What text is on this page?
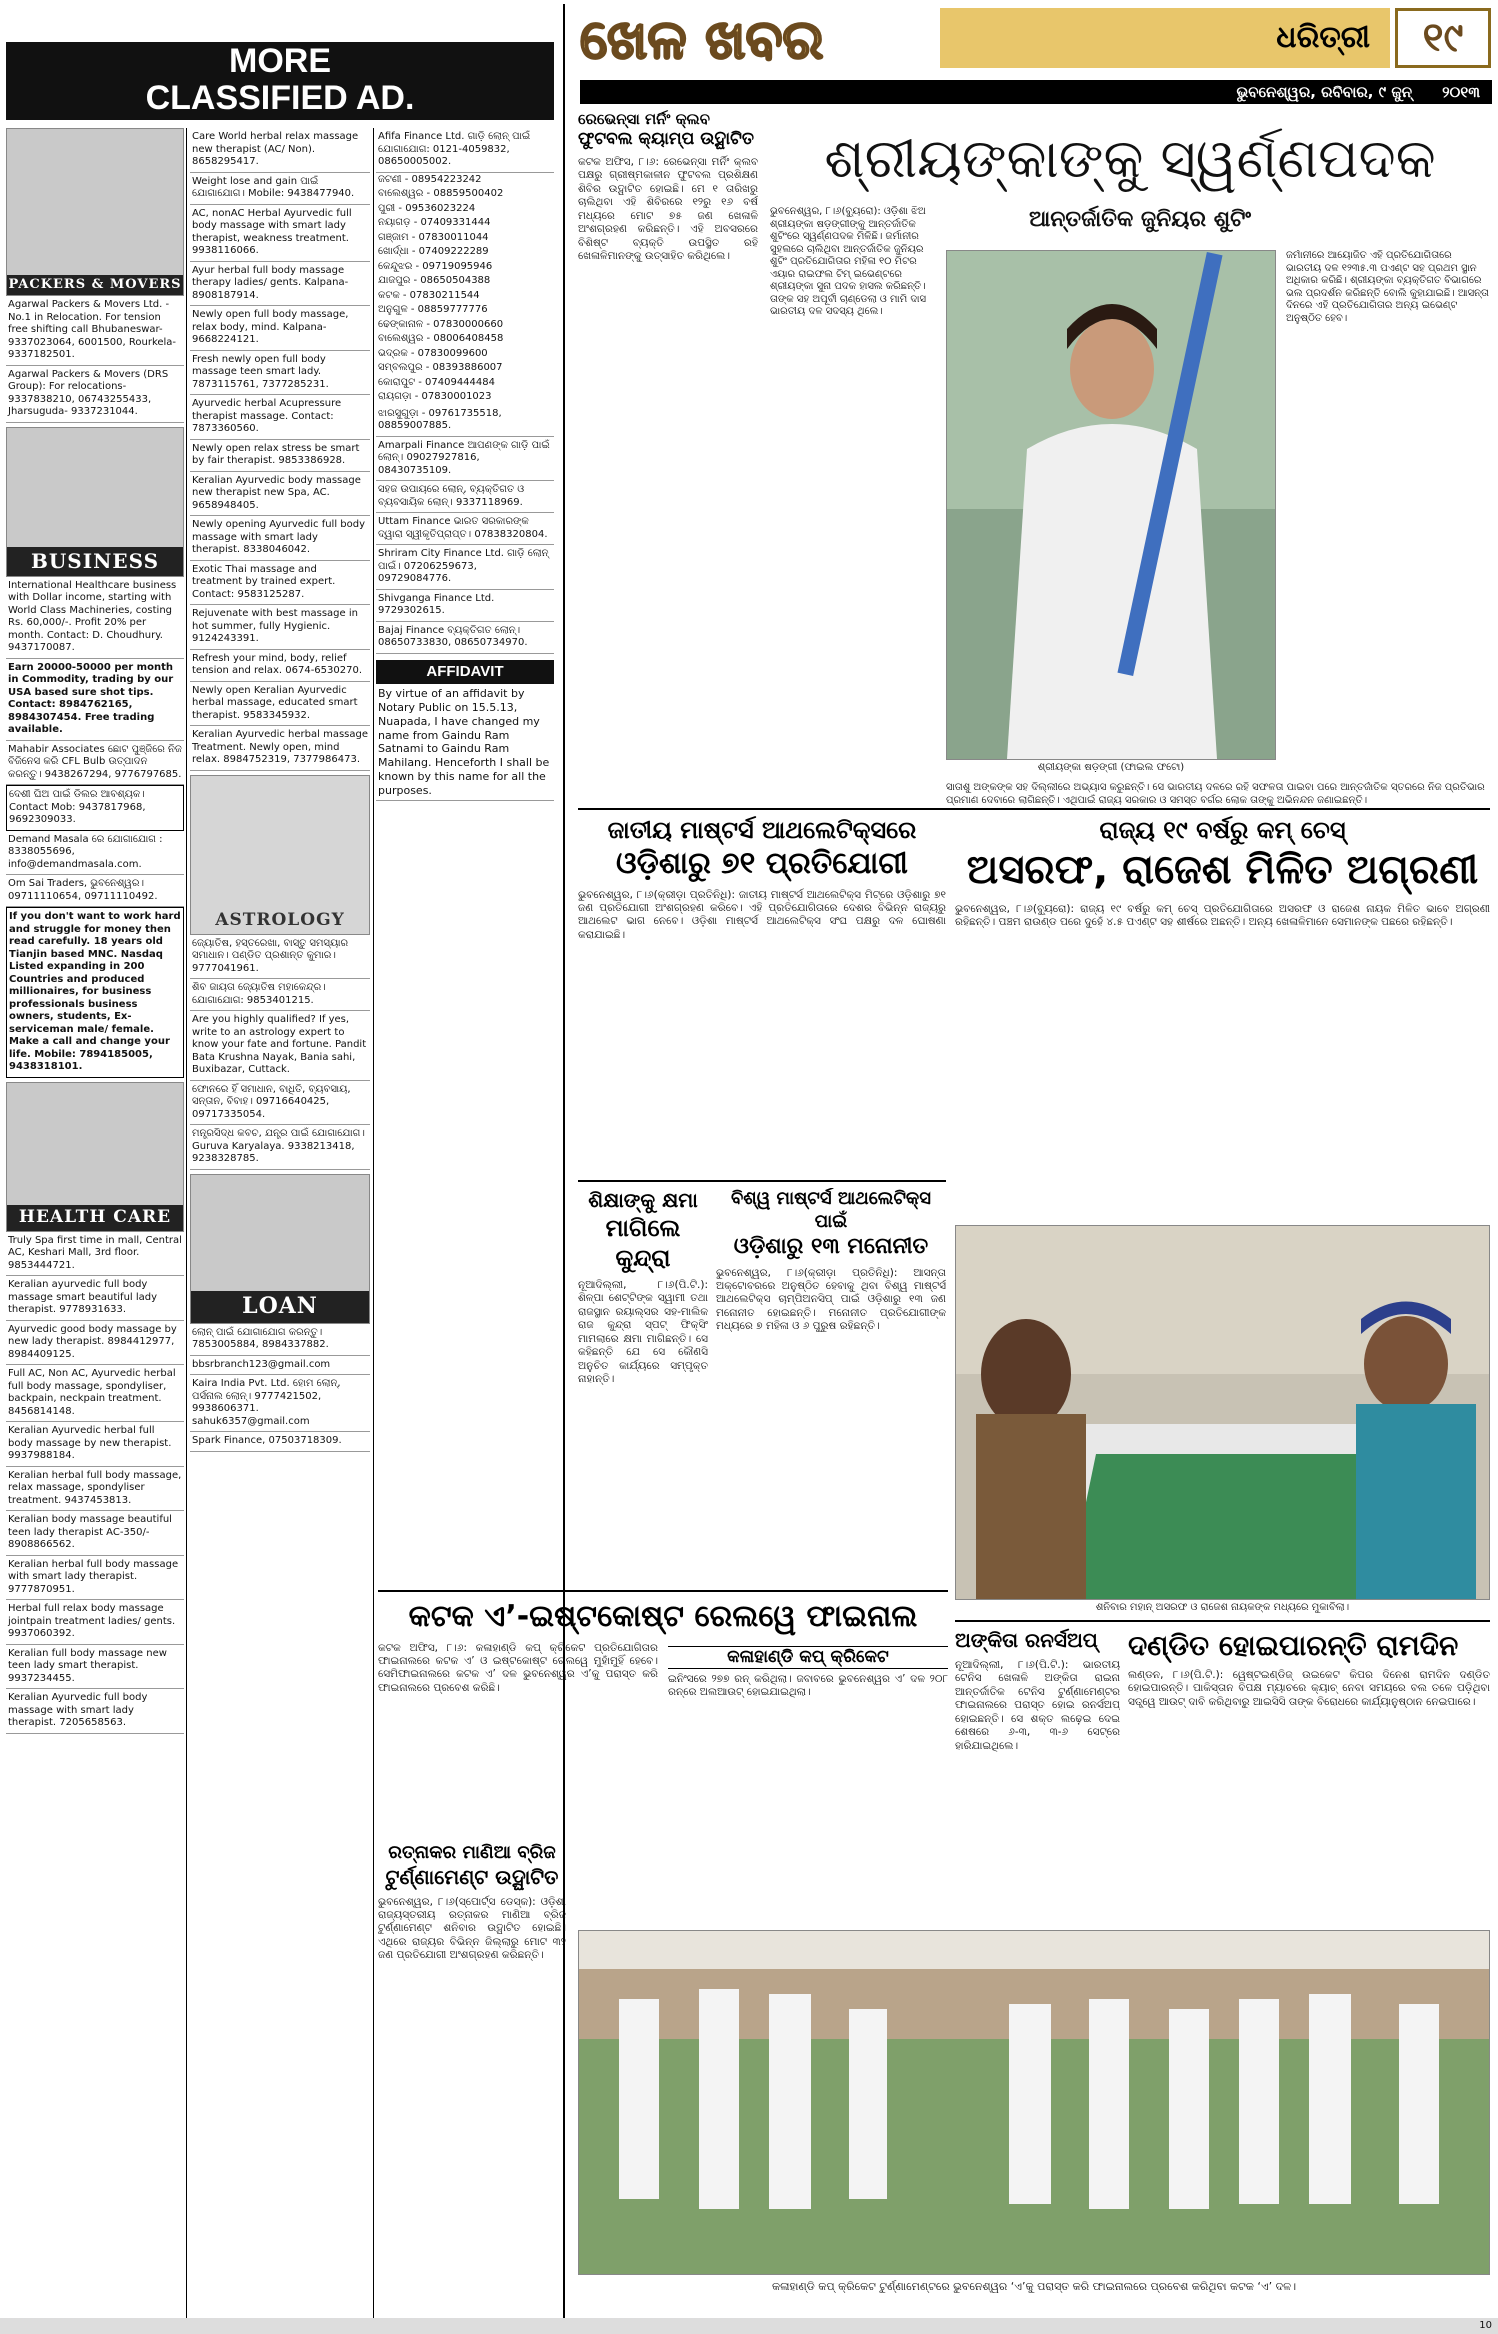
ଖେଳ ଖବର	ଧରିତ୍ରୀ ୧୯
ଭୁବନେଶ୍ୱର, ରବିବାର, ୯ ଜୁନ୍ ୨୦୧୩
MORE
CLASSIFIED AD.
PACKERS & MOVERS
Agarwal Packers & Movers Ltd. - No.1 in Relocation. For tension free shifting call Bhubaneswar- 9337023064, 6001500, Rourkela- 9337182501.
Agarwal Packers & Movers (DRS Group): For relocations- 9337838210, 06743255433, Jharsuguda- 9337231044.
BUSINESS
International Healthcare business with Dollar income, starting with World Class Machineries, costing Rs. 60,000/-. Profit 20% per month. Contact: D. Choudhury. 9437170087.
Earn 20000-50000 per month in Commodity, trading by our USA based sure shot tips. Contact: 8984762165, 8984307454. Free trading available.
Mahabir Associates ଛୋଟ ପୁଞ୍ଜିରେ ନିଜ ବିଜିନେସ କରି CFL Bulb ଉତ୍ପାଦନ କରନ୍ତୁ। 9438267294, 9776797685.
ଦେଶୀ ଘିଅ ପାଇଁ ଡିଲର ଆବଶ୍ୟକ। Contact Mob: 9437817968, 9692309033.
Demand Masala ରେ ଯୋଗାଯୋଗ : 8338055696, info@demandmasala.com.
Om Sai Traders, ଭୁବନେଶ୍ୱର। 09711110654, 09711110492.
If you don't want to work hard and struggle for money then read carefully. 18 years old Tianjin based MNC. Nasdaq Listed expanding in 200 Countries and produced millionaires, for business professionals business owners, students, Ex-serviceman male/ female. Make a call and change your life. Mobile: 7894185005, 9438318101.
HEALTH CARE
Truly Spa first time in mall, Central AC, Keshari Mall, 3rd floor. 9853444721.
Keralian ayurvedic full body massage smart beautiful lady therapist. 9778931633.
Ayurvedic good body massage by new lady therapist. 8984412977, 8984409125.
Full AC, Non AC, Ayurvedic herbal full body massage, spondyliser, backpain, neckpain treatment. 8456814148.
Keralian Ayurvedic herbal full body massage by new therapist. 9937988184.
Keralian herbal full body massage, relax massage, spondyliser treatment. 9437453813.
Keralian body massage beautiful teen lady therapist AC-350/- 8908866562.
Keralian herbal full body massage with smart lady therapist. 9777870951.
Herbal full relax body massage jointpain treatment ladies/ gents. 9937060392.
Keralian full body massage new teen lady smart therapist. 9937234455.
Keralian Ayurvedic full body massage with smart lady therapist. 7205658563.
Care World herbal relax massage new therapist (AC/ Non). 8658295417.
Weight lose and gain ପାଇଁ ଯୋଗାଯୋଗ। Mobile: 9438477940.
AC, nonAC Herbal Ayurvedic full body massage with smart lady therapist, weakness treatment. 9938116066.
Ayur herbal full body massage therapy ladies/ gents. Kalpana- 8908187914.
Newly open full body massage, relax body, mind. Kalpana- 9668224121.
Fresh newly open full body massage teen smart lady. 7873115761, 7377285231.
Ayurvedic herbal Acupressure therapist massage. Contact: 7873360560.
Newly open relax stress be smart by fair therapist. 9853386928.
Keralian Ayurvedic body massage new therapist new Spa, AC. 9658948405.
Newly opening Ayurvedic full body massage with smart lady therapist. 8338046042.
Exotic Thai massage and treatment by trained expert. Contact: 9583125287.
Rejuvenate with best massage in hot summer, fully Hygienic. 9124243391.
Refresh your mind, body, relief tension and relax. 0674-6530270.
Newly open Keralian Ayurvedic herbal massage, educated smart therapist. 9583345932.
Keralian Ayurvedic herbal massage Treatment. Newly open, mind relax. 8984752319, 7377986473.
ASTROLOGY
ଜ୍ୟୋତିଷ, ହସ୍ତରେଖା, ବାସ୍ତୁ ସମସ୍ୟାର ସମାଧାନ। ପଣ୍ଡିତ ପ୍ରଶାନ୍ତ କୁମାର। 9777041961.
ଶିବ ଜାୟତା ଜ୍ୟୋତିଷ ମହାକେନ୍ଦ୍ର। ଯୋଗାଯୋଗ: 9853401215.
Are you highly qualified? If yes, write to an astrology expert to know your fate and fortune. Pandit Bata Krushna Nayak, Bania sahi, Buxibazar, Cuttack.
ଫୋନରେ ହିଁ ସମାଧାନ, ବାଧିତି, ବ୍ୟବସାୟ, ସନ୍ତାନ, ବିବାହ। 09716640425, 09717335054.
ମନ୍ତ୍ରସିଦ୍ଧ କବଚ, ଯନ୍ତ୍ର ପାଇଁ ଯୋଗାଯୋଗ। Guruva Karyalaya. 9338213418, 9238328785.
LOAN
ଲୋନ୍ ପାଇଁ ଯୋଗାଯୋଗ କରନ୍ତୁ। 7853005884, 8984337882.
bbsrbranch123@gmail.com
Kaira India Pvt. Ltd. ହୋମ ଲୋନ୍, ପର୍ସନାଲ ଲୋନ୍। 9777421502, 9938606371. sahuk6357@gmail.com
Spark Finance, 07503718309.
Afifa Finance Ltd. ଗାଡ଼ି ଲୋନ୍ ପାଇଁ ଯୋଗାଯୋଗ: 0121-4059832, 08650005002.
ଜଟଣୀ - 08954223242
ବାଲେଶ୍ୱର - 08859500402
ପୁରୀ - 09536023224
ନୟାଗଡ଼ - 07409331444
ଗଞ୍ଜାମ - 07830011044
ଖୋର୍ଦ୍ଧା - 07409222289
କେନ୍ଦୁଝର - 09719095946
ଯାଜପୁର - 08650504388
କଟକ - 07830211544
ଅନୁଗୁଳ - 08859777776
ଢେଙ୍କାନାଳ - 07830000660
ବାଲେଶ୍ୱର - 08006408458
ଭଦ୍ରକ - 07830099600
ସମ୍ବଲପୁର - 08393886007
କୋରାପୁଟ - 07409444484
ରାୟଗଡ଼ା - 07830001023
ଝାରସୁଗୁଡ଼ା - 09761735518, 08859007885.
Amarpali Finance ଆପଣଙ୍କ ଗାଡ଼ି ପାଇଁ ଲୋନ୍। 09027927816, 08430735109.
ସହଜ ଉପାୟରେ ଲୋନ୍, ବ୍ୟକ୍ତିଗତ ଓ ବ୍ୟବସାୟିକ ଲୋନ୍। 9337118969.
Uttam Finance ଭାରତ ସରକାରଙ୍କ ଦ୍ୱାରା ସ୍ୱୀକୃତିପ୍ରାପ୍ତ। 07838320804.
Shriram City Finance Ltd. ଗାଡ଼ି ଲୋନ୍ ପାଇଁ। 07206259673, 09729084776.
Shivganga Finance Ltd. 9729302615.
Bajaj Finance ବ୍ୟକ୍ତିଗତ ଲୋନ୍। 08650733830, 08650734970.
AFFIDAVIT
By virtue of an affidavit by Notary Public on 15.5.13, Nuapada, I have changed my name from Gaindu Ram Satnami to Gaindu Ram Mahilang. Henceforth I shall be known by this name for all the purposes.
ରେଭେନ୍ସା ମର୍ନିଂ କ୍ଲବ
ଫୁଟବଲ କ୍ୟାମ୍ପ ଉଦ୍ଘାଟିତ
କଟକ ଅଫିସ, ୮।୬: ରେଭେନ୍ସା ମର୍ନିଂ କ୍ଲବ ପକ୍ଷରୁ ଗ୍ରୀଷ୍ମକାଳୀନ ଫୁଟବଲ ପ୍ରଶିକ୍ଷଣ ଶିବିର ଉଦ୍ଘାଟିତ ହୋଇଛି। ମେ ୧ ତାରିଖରୁ ଚାଲିଥିବା ଏହି ଶିବିରରେ ୧୨ରୁ ୧୬ ବର୍ଷ ମଧ୍ୟରେ ମୋଟ ୭୫ ଜଣ ଖେଳାଳି ଅଂଶଗ୍ରହଣ କରିଛନ୍ତି। ଏହି ଅବସରରେ ବିଶିଷ୍ଟ ବ୍ୟକ୍ତି ଉପସ୍ଥିତ ରହି ଖେଳାଳିମାନଙ୍କୁ ଉତ୍ସାହିତ କରିଥିଲେ।
ଶ୍ରୀୟଙ୍କାଙ୍କୁ ସ୍ୱର୍ଣ୍ଣପଦକ
ଆନ୍ତର୍ଜାତିକ ଜୁନିୟର ଶୁଟିଂ
ଭୁବନେଶ୍ୱର, ୮।୬(ବ୍ୟୁରୋ): ଓଡ଼ିଶା ଝିଅ ଶ୍ରୀୟଙ୍କା ଷଡ଼ଙ୍ଗୀଙ୍କୁ ଆନ୍ତର୍ଜାତିକ ଶୁଟିଂରେ ସ୍ୱର୍ଣ୍ଣପଦକ ମିଳିଛି। ଜର୍ମାନୀର ସୁହଲରେ ଚାଲିଥିବା ଆନ୍ତର୍ଜାତିକ ଜୁନିୟର ଶୁଟିଂ ପ୍ରତିଯୋଗିତାର ମହିଳା ୧୦ ମିଟର ଏୟାର ରାଇଫଲ ଟିମ୍ ଇଭେଣ୍ଟରେ ଶ୍ରୀୟଙ୍କା ସୁନା ପଦକ ହାସଲ କରିଛନ୍ତି। ତାଙ୍କ ସହ ଅପୂର୍ବୀ ଚାଣ୍ଡେଲା ଓ ମାମି ଦାସ ଭାରତୀୟ ଦଳ ସଦସ୍ୟ ଥିଲେ।
ଶ୍ରୀୟଙ୍କା ଷଡ଼ଙ୍ଗୀ (ଫାଇଲ ଫଟୋ)
ଜର୍ମାନୀରେ ଆୟୋଜିତ ଏହି ପ୍ରତିଯୋଗିତାରେ ଭାରତୀୟ ଦଳ ୧୨୩୫.୩ ପଏଣ୍ଟ ସହ ପ୍ରଥମ ସ୍ଥାନ ଅଧିକାର କରିଛି। ଶ୍ରୀୟଙ୍କା ବ୍ୟକ୍ତିଗତ ବିଭାଗରେ ଭଲ ପ୍ରଦର୍ଶନ କରିଛନ୍ତି ବୋଲି କୁହାଯାଇଛି। ଆସନ୍ତା ଦିନରେ ଏହି ପ୍ରତିଯୋଗିତାର ଅନ୍ୟ ଇଭେଣ୍ଟ ଅନୁଷ୍ଠିତ ହେବ।
ସାତାଶୁ ଅଙ୍କଙ୍କ ସହ ଦିଲ୍ଲୀରେ ଅଭ୍ୟାସ କରୁଛନ୍ତି। ସେ ଭାରତୀୟ ଦଳରେ ରହି ସଫଳତା ପାଇବା ପରେ ଆନ୍ତର୍ଜାତିକ ସ୍ତରରେ ନିଜ ପ୍ରତିଭାର ପ୍ରମାଣ ଦେବାରେ ଲାଗିଛନ୍ତି। ଏଥିପାଇଁ ରାଜ୍ୟ ସରକାର ଓ ସମସ୍ତ ବର୍ଗର ଲୋକ ତାଙ୍କୁ ଅଭିନନ୍ଦନ ଜଣାଇଛନ୍ତି।
ଜାତୀୟ ମାଷ୍ଟର୍ସ ଆଥଲେଟିକ୍ସରେ
ଓଡ଼ିଶାରୁ ୭୧ ପ୍ରତିଯୋଗୀ
ଭୁବନେଶ୍ୱର, ୮।୬(କ୍ରୀଡ଼ା ପ୍ରତିନିଧି): ଜାତୀୟ ମାଷ୍ଟର୍ସ ଆଥଲେଟିକ୍ସ ମିଟ୍ରେ ଓଡ଼ିଶାରୁ ୭୧ ଜଣ ପ୍ରତିଯୋଗୀ ଅଂଶଗ୍ରହଣ କରିବେ। ଏହି ପ୍ରତିଯୋଗିତାରେ ଦେଶର ବିଭିନ୍ନ ରାଜ୍ୟରୁ ଆଥଲେଟ ଭାଗ ନେବେ। ଓଡ଼ିଶା ମାଷ୍ଟର୍ସ ଆଥଲେଟିକ୍ସ ସଂଘ ପକ୍ଷରୁ ଦଳ ଘୋଷଣା କରାଯାଇଛି।
ରାଜ୍ୟ ୧୯ ବର୍ଷରୁ କମ୍ ଚେସ୍
ଅସରଫ, ରାଜେଶ ମିଳିତ ଅଗ୍ରଣୀ
ଭୁବନେଶ୍ୱର, ୮।୬(ବ୍ୟୁରୋ): ରାଜ୍ୟ ୧୯ ବର୍ଷରୁ କମ୍ ଚେସ୍ ପ୍ରତିଯୋଗିତାରେ ଅସରଫ ଓ ରାଜେଶ ନାୟକ ମିଳିତ ଭାବେ ଅଗ୍ରଣୀ ରହିଛନ୍ତି। ପଞ୍ଚମ ରାଉଣ୍ଡ ପରେ ଦୁହେଁ ୪.୫ ପଏଣ୍ଟ ସହ ଶୀର୍ଷରେ ଅଛନ୍ତି। ଅନ୍ୟ ଖେଳାଳିମାନେ ସେମାନଙ୍କ ପଛରେ ରହିଛନ୍ତି।
ଶିକ୍ଷାଙ୍କୁ କ୍ଷମା
ମାଗିଲେ କୁନ୍ଦ୍ରା
ନୂଆଦିଲ୍ଲୀ, ୮।୬(ପି.ଟି.): ଶିଳ୍ପା ଶେଟ୍ଟିଙ୍କ ସ୍ୱାମୀ ତଥା ରାଜସ୍ଥାନ ରୟାଲ୍ସର ସହ-ମାଲିକ ରାଜ କୁନ୍ଦ୍ରା ସ୍ପଟ୍ ଫିକ୍ସିଂ ମାମଲାରେ କ୍ଷମା ମାଗିଛନ୍ତି। ସେ କହିଛନ୍ତି ଯେ ସେ କୌଣସି ଅନୁଚିତ କାର୍ଯ୍ୟରେ ସମ୍ପୃକ୍ତ ନାହାନ୍ତି।
ବିଶ୍ୱ ମାଷ୍ଟର୍ସ ଆଥଲେଟିକ୍ସ ପାଇଁ
ଓଡ଼ିଶାରୁ ୧୩ ମନୋନୀତ
ଭୁବନେଶ୍ୱର, ୮।୬(କ୍ରୀଡ଼ା ପ୍ରତିନିଧି): ଆସନ୍ତା ଅକ୍ଟୋବରରେ ଅନୁଷ୍ଠିତ ହେବାକୁ ଥିବା ବିଶ୍ୱ ମାଷ୍ଟର୍ସ ଆଥଲେଟିକ୍ସ ଚାମ୍ପିଅନସିପ୍ ପାଇଁ ଓଡ଼ିଶାରୁ ୧୩ ଜଣ ମନୋନୀତ ହୋଇଛନ୍ତି। ମନୋନୀତ ପ୍ରତିଯୋଗୀଙ୍କ ମଧ୍ୟରେ ୭ ମହିଳା ଓ ୬ ପୁରୁଷ ରହିଛନ୍ତି।
ଶନିବାର ମହାନ୍ ଅସରଫ ଓ ରାଜେଶ ନାୟକଙ୍କ ମଧ୍ୟରେ ମୁକାବିଲା।
କଟକ ଏ’-ଇଷ୍ଟକୋଷ୍ଟ ରେଲୱେ ଫାଇନାଲ
କଟକ ଅଫିସ, ୮।୬: କଳାହାଣ୍ଡି କପ୍ କ୍ରିକେଟ ପ୍ରତିଯୋଗିତାର ଫାଇନାଲରେ କଟକ ଏ’ ଓ ଇଷ୍ଟକୋଷ୍ଟ ରେଲୱେ ମୁହାଁମୁହିଁ ହେବେ। ସେମିଫାଇନାଲରେ କଟକ ଏ’ ଦଳ ଭୁବନେଶ୍ୱର ଏ’କୁ ପରାସ୍ତ କରି ଫାଇନାଲରେ ପ୍ରବେଶ କରିଛି।
କଳାହାଣ୍ଡି କପ୍ କ୍ରିକେଟ
ଇନିଂସରେ ୨୭୭ ରନ୍ କରିଥିଲା। ଜବାବରେ ଭୁବନେଶ୍ୱର ଏ’ ଦଳ ୨୦୮ ରନ୍ରେ ଅଲଆଉଟ୍ ହୋଇଯାଇଥିଲା।
ରତ୍ନାକର ମାଣିଆ ବ୍ରିଜ
ଟୁର୍ଣ୍ଣାମେଣ୍ଟ ଉଦ୍ଘାଟିତ
ଭୁବନେଶ୍ୱର, ୮।୬(ସ୍ପୋର୍ଟ୍ସ ଡେସ୍କ): ଓଡ଼ିଶା ରାଜ୍ୟସ୍ତରୀୟ ରତ୍ନାକର ମାଣିଆ ବ୍ରିଜ ଟୁର୍ଣ୍ଣାମେଣ୍ଟ ଶନିବାର ଉଦ୍ଘାଟିତ ହୋଇଛି। ଏଥିରେ ରାଜ୍ୟର ବିଭିନ୍ନ ଜିଲ୍ଲାରୁ ମୋଟ ୩୨ ଜଣ ପ୍ରତିଯୋଗୀ ଅଂଶଗ୍ରହଣ କରିଛନ୍ତି।
ଅଙ୍କିତା ରନର୍ସଅପ୍
ନୂଆଦିଲ୍ଲୀ, ୮।୬(ପି.ଟି.): ଭାରତୀୟ ଟେନିସ ଖେଳାଳି ଅଙ୍କିତା ରାଇନା ଆନ୍ତର୍ଜାତିକ ଟେନିସ ଟୁର୍ଣ୍ଣାମେଣ୍ଟର ଫାଇନାଲରେ ପରାସ୍ତ ହୋଇ ରନର୍ସଅପ୍ ହୋଇଛନ୍ତି। ସେ ଶକ୍ତ ଲଢ଼େଇ ଦେଇ ଶେଷରେ ୬-୩, ୩-୬ ସେଟ୍ରେ ହାରିଯାଇଥିଲେ।
ଦଣ୍ଡିତ ହୋଇପାରନ୍ତି ରାମଦିନ
ଲଣ୍ଡନ, ୮।୬(ପି.ଟି.): ୱେଷ୍ଟଇଣ୍ଡିଜ୍ ଉଇକେଟ କିପର ଦିନେଶ ରାମଦିନ ଦଣ୍ଡିତ ହୋଇପାରନ୍ତି। ପାକିସ୍ତାନ ବିପକ୍ଷ ମ୍ୟାଚରେ କ୍ୟାଚ୍ ନେବା ସମୟରେ ବଲ ତଳେ ପଡ଼ିଥିବା ସତ୍ତ୍ୱେ ଆଉଟ୍ ଦାବି କରିଥିବାରୁ ଆଇସିସି ତାଙ୍କ ବିରୋଧରେ କାର୍ଯ୍ୟାନୁଷ୍ଠାନ ନେଇପାରେ।
କଳାହାଣ୍ଡି କପ୍ କ୍ରିକେଟ ଟୁର୍ଣ୍ଣାମେଣ୍ଟରେ ଭୁବନେଶ୍ୱର ‘ଏ’କୁ ପରାସ୍ତ କରି ଫାଇନାଲରେ ପ୍ରବେଶ କରିଥିବା କଟକ ‘ଏ’ ଦଳ।
10
